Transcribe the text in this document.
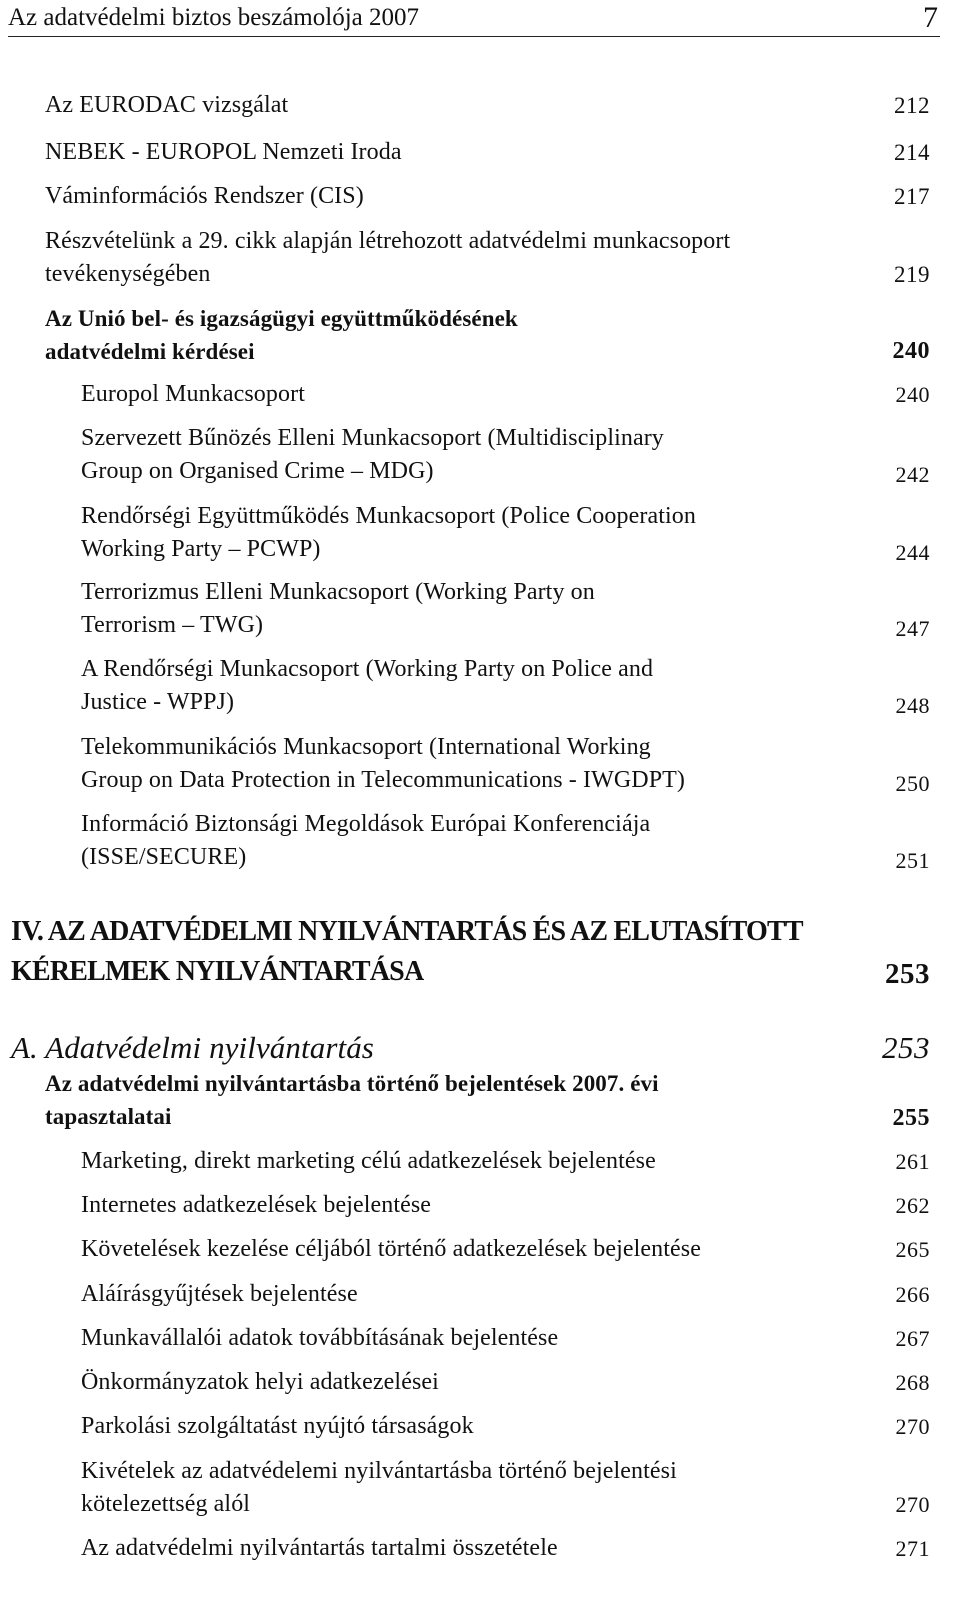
Az adatvédelmi biztos beszámolója 2007	7
Az EURODAC vizsgálat	212
NEBEK - EUROPOL Nemzeti Iroda	214
Váminformációs Rendszer (CIS)	217
Részvételünk a 29. cikk alapján létrehozott adatvédelmi munkacsoport
tevékenységében	219
Az Unió bel- és igazságügyi együttműködésének
adatvédelmi kérdései	240
Europol Munkacsoport	240
Szervezett Bűnözés Elleni Munkacsoport (Multidisciplinary
Group on Organised Crime – MDG)	242
Rendőrségi Együttműködés Munkacsoport (Police Cooperation
Working Party – PCWP)	244
Terrorizmus Elleni Munkacsoport (Working Party on
Terrorism – TWG)	247
A Rendőrségi Munkacsoport (Working Party on Police and
Justice - WPPJ)	248
Telekommunikációs Munkacsoport (International Working
Group on Data Protection in Telecommunications - IWGDPT)	250
Információ Biztonsági Megoldások Európai Konferenciája
(ISSE/SECURE)	251
IV. AZ ADATVÉDELMI NYILVÁNTARTÁS ÉS AZ ELUTASÍTOTT
KÉRELMEK NYILVÁNTARTÁSA	253
A. Adatvédelmi nyilvántartás	253
Az adatvédelmi nyilvántartásba történő bejelentések 2007. évi
tapasztalatai	255
Marketing, direkt marketing célú adatkezelések bejelentése	261
Internetes adatkezelések bejelentése	262
Követelések kezelése céljából történő adatkezelések bejelentése	265
Aláírásgyűjtések bejelentése	266
Munkavállalói adatok továbbításának bejelentése	267
Önkormányzatok helyi adatkezelései	268
Parkolási szolgáltatást nyújtó társaságok	270
Kivételek az adatvédelemi nyilvántartásba történő bejelentési
kötelezettség alól	270
Az adatvédelmi nyilvántartás tartalmi összetétele	271
